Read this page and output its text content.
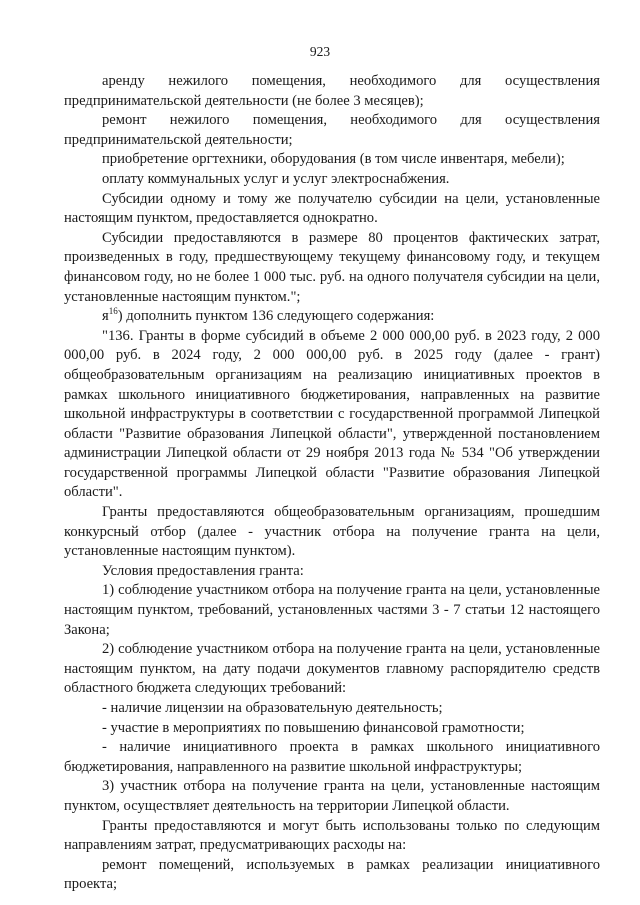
923

аренду нежилого помещения, необходимого для осуществления предпринимательской деятельности (не более 3 месяцев);

ремонт нежилого помещения, необходимого для осуществления предпринимательской деятельности;

приобретение оргтехники, оборудования (в том числе инвентаря, мебели);

оплату коммунальных услуг и услуг электроснабжения.

Субсидии одному и тому же получателю субсидии на цели, установленные настоящим пунктом, предоставляется однократно.

Субсидии предоставляются в размере 80 процентов фактических затрат, произведенных в году, предшествующему текущему финансовому году, и текущем финансовом году, но не более 1 000 тыс. руб. на одного получателя субсидии на цели, установленные настоящим пунктом.";

$я^{16}$) дополнить пунктом 136 следующего содержания:

"136. Гранты в форме субсидий в объеме 2 000 000,00 руб. в 2023 году, 2 000 000,00 руб. в 2024 году, 2 000 000,00 руб. в 2025 году (далее - грант) общеобразовательным организациям на реализацию инициативных проектов в рамках школьного инициативного бюджетирования, направленных на развитие школьной инфраструктуры в соответствии с государственной программой Липецкой области "Развитие образования Липецкой области", утвержденной постановлением администрации Липецкой области от 29 ноября 2013 года № 534 "Об утверждении государственной программы Липецкой области "Развитие образования Липецкой области".

Гранты предоставляются общеобразовательным организациям, прошедшим конкурсный отбор (далее - участник отбора на получение гранта на цели, установленные настоящим пунктом).

Условия предоставления гранта:

1) соблюдение участником отбора на получение гранта на цели, установленные настоящим пунктом, требований, установленных частями 3 - 7 статьи 12 настоящего Закона;

2) соблюдение участником отбора на получение гранта на цели, установленные настоящим пунктом, на дату подачи документов главному распорядителю средств областного бюджета следующих требований:

- наличие лицензии на образовательную деятельность;

- участие в мероприятиях по повышению финансовой грамотности;

- наличие инициативного проекта в рамках школьного инициативного бюджетирования, направленного на развитие школьной инфраструктуры;

3) участник отбора на получение гранта на цели, установленные настоящим пунктом, осуществляет деятельность на территории Липецкой области.

Гранты предоставляются и могут быть использованы только по следующим направлениям затрат, предусматривающих расходы на:

ремонт помещений, используемых в рамках реализации инициативного проекта;
